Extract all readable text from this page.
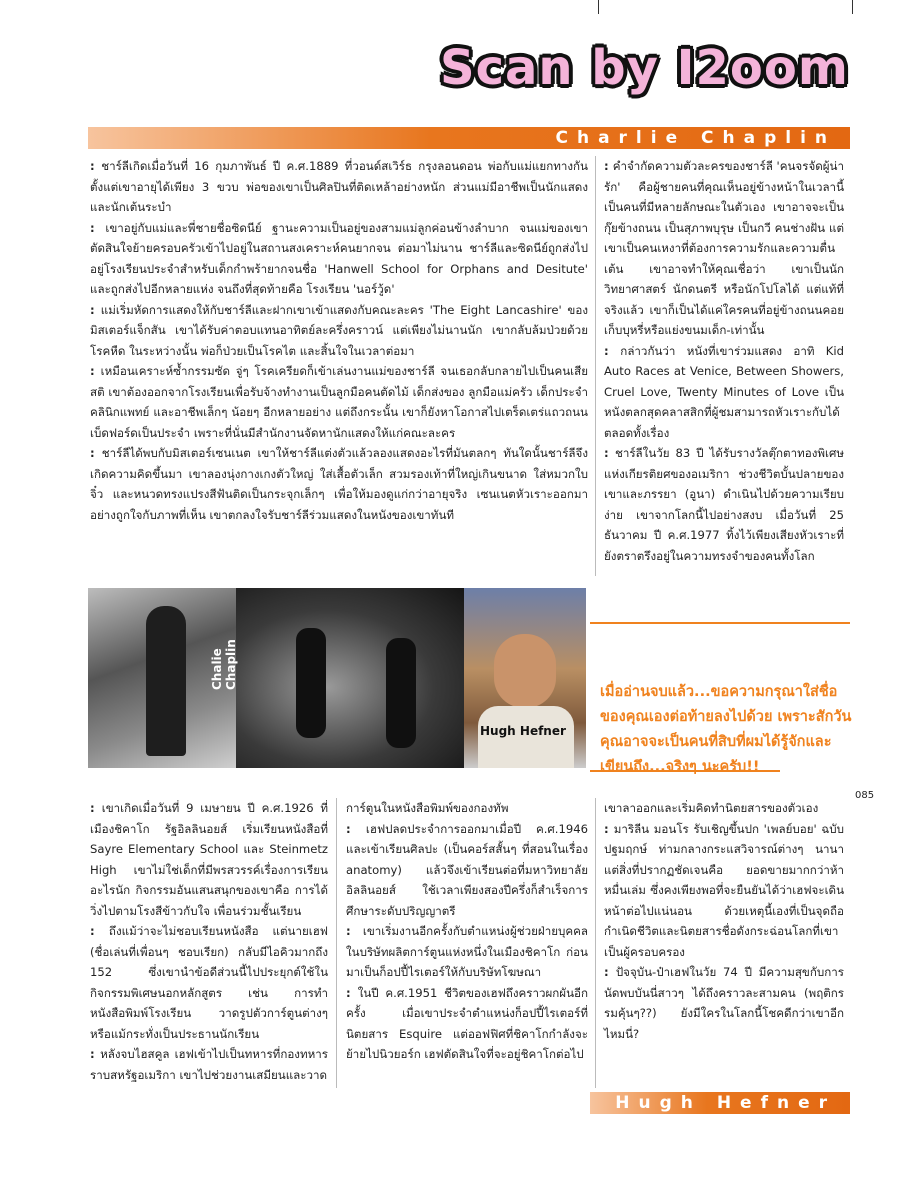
Scan by I2oom
Charlie Chaplin

: ชาร์ลีเกิดเมื่อวันที่ 16 กุมภาพันธ์ ปี ค.ศ.1889 ที่วอนด์สเวิร์ธ กรุงลอนดอน พ่อกับแม่แยกทางกันตั้งแต่เขาอายุได้เพียง 3 ขวบ พ่อของเขาเป็นศิลปินที่ติดเหล้าอย่างหนัก ส่วนแม่มีอาชีพเป็นนักแสดงและนักเต้นระบำ

: เขาอยู่กับแม่และพี่ชายชื่อซิดนีย์ ฐานะความเป็นอยู่ของสามแม่ลูกค่อนข้างลำบาก จนแม่ของเขาตัดสินใจย้ายครอบครัวเข้าไปอยู่ในสถานสงเคราะห์คนยากจน ต่อมาไม่นาน ชาร์ลีและซิดนีย์ถูกส่งไปอยู่โรงเรียนประจำสำหรับเด็กกำพร้ายากจนชื่อ 'Hanwell School for Orphans and Desitute' และถูกส่งไปอีกหลายแห่ง จนถึงที่สุดท้ายคือ โรงเรียน 'นอร์วู้ด'

: แม่เริ่มหัดการแสดงให้กับชาร์ลีและฝากเขาเข้าแสดงกับคณะละคร 'The Eight Lancashire' ของมิสเตอร์แจ็กสัน เขาได้รับค่าตอบแทนอาทิตย์ละครึ่งคราวน์ แต่เพียงไม่นานนัก เขากลับล้มป่วยด้วยโรคหืด ในระหว่างนั้น พ่อก็ป่วยเป็นโรคไต และสิ้นใจในเวลาต่อมา

: เหมือนเคราะห์ซ้ำกรรมซัด จู่ๆ โรคเครียดก็เข้าเล่นงานแม่ของชาร์ลี จนเธอกลับกลายไปเป็นคนเสียสติ เขาต้องออกจากโรงเรียนเพื่อรับจ้างทำงานเป็นลูกมือคนตัดไม้ เด็กส่งของ ลูกมือแม่ครัว เด็กประจำคลินิกแพทย์ และอาชีพเล็กๆ น้อยๆ อีกหลายอย่าง แต่ถึงกระนั้น เขาก็ยังหาโอกาสไปเตร็ดเตร่แถวถนนเบ็ดฟอร์ดเป็นประจำ เพราะที่นั่นมีสำนักงานจัดหานักแสดงให้แก่คณะละคร

: ชาร์ลีได้พบกับมิสเตอร์เซนเนต เขาให้ชาร์ลีแต่งตัวแล้วลองแสดงอะไรที่มันตลกๆ ทันใดนั้นชาร์ลีจึงเกิดความคิดขึ้นมา เขาลองนุ่งกางเกงตัวใหญ่ ใส่เสื้อตัวเล็ก สวมรองเท้าที่ใหญ่เกินขนาด ใส่หมวกใบจิ๋ว และหนวดทรงแปรงสีฟันติดเป็นกระจุกเล็กๆ เพื่อให้มองดูแก่กว่าอายุจริง เซนเนตหัวเราะออกมาอย่างถูกใจกับภาพที่เห็น เขาตกลงใจรับชาร์ลีร่วมแสดงในหนังของเขาทันที

: คำจำกัดความตัวละครของชาร์ลี 'คนจรจัดผู้น่ารัก' คือผู้ชายคนที่คุณเห็นอยู่ข้างหน้าในเวลานี้ เป็นคนที่มีหลายลักษณะในตัวเอง เขาอาจจะเป็นกุ๊ยข้างถนน เป็นสุภาพบุรุษ เป็นกวี คนช่างฝัน แต่เขาเป็นคนเหงาที่ต้องการความรักและความตื่นเต้น เขาอาจทำให้คุณเชื่อว่า เขาเป็นนักวิทยาศาสตร์ นักดนตรี หรือนักโปโลได้ แต่แท้ที่จริงแล้ว เขาก็เป็นได้แค่ใครคนที่อยู่ข้างถนนคอยเก็บบุหรี่หรือแย่งขนมเด็ก-เท่านั้น

: กล่าวกันว่า หนังที่เขาร่วมแสดง อาทิ Kid Auto Races at Venice, Between Showers, Cruel Love, Twenty Minutes of Love เป็นหนังตลกสุดคลาสสิกที่ผู้ชมสามารถหัวเราะกับได้ตลอดทั้งเรื่อง

: ชาร์ลีในวัย 83 ปี ได้รับรางวัลตุ๊กตาทองพิเศษแห่งเกียรติยศของอเมริกา ช่วงชีวิตบั้นปลายของเขาและภรรยา (อูนา) ดำเนินไปด้วยความเรียบง่าย เขาจากโลกนี้ไปอย่างสงบ เมื่อวันที่ 25 ธันวาคม ปี ค.ศ.1977 ทิ้งไว้เพียงเสียงหัวเราะที่ยังตราตรึงอยู่ในความทรงจำของคนทั้งโลก

Chalie Chaplin
Hugh Hefner
เมื่ออ่านจบแล้ว...ขอความกรุณาใส่ชื่อของคุณเองต่อท้ายลงไปด้วย เพราะสักวันคุณอาจจะเป็นคนที่สิบที่ผมได้รู้จักและเขียนถึง...จริงๆ นะครับ!!
085

: เขาเกิดเมื่อวันที่ 9 เมษายน ปี ค.ศ.1926 ที่เมืองชิคาโก รัฐอิลลินอยส์ เริ่มเรียนหนังสือที่ Sayre Elementary School และ Steinmetz High เขาไม่ใช่เด็กที่มีพรสวรรค์เรื่องการเรียนอะไรนัก กิจกรรมอันแสนสนุกของเขาคือ การได้วิ่งไปตามโรงสีข้าวกับใจ เพื่อนร่วมชั้นเรียน

: ถึงแม้ว่าจะไม่ชอบเรียนหนังสือ แต่นายเฮฟ (ชื่อเล่นที่เพื่อนๆ ชอบเรียก) กลับมีไอคิวมากถึง 152 ซึ่งเขานำข้อดีส่วนนี้ไปประยุกต์ใช้ในกิจกรรมพิเศษนอกหลักสูตร เช่น การทำหนังสือพิมพ์โรงเรียน วาดรูปตัวการ์ตูนต่างๆ หรือแม้กระทั่งเป็นประธานนักเรียน

: หลังจบไฮสคูล เฮฟเข้าไปเป็นทหารที่กองทหารราบสหรัฐอเมริกา เขาไปช่วยงานเสมียนและวาด

การ์ตูนในหนังสือพิมพ์ของกองทัพ

: เฮฟปลดประจำการออกมาเมื่อปี ค.ศ.1946 และเข้าเรียนศิลปะ (เป็นคอร์สสั้นๆ ที่สอนในเรื่อง anatomy) แล้วจึงเข้าเรียนต่อที่มหาวิทยาลัยอิลลินอยส์ ใช้เวลาเพียงสองปีครึ่งก็สำเร็จการศึกษาระดับปริญญาตรี

: เขาเริ่มงานอีกครั้งกับตำแหน่งผู้ช่วยฝ่ายบุคคลในบริษัทผลิตการ์ตูนแห่งหนึ่งในเมืองชิคาโก ก่อนมาเป็นก็อปปี้ไรเตอร์ให้กับบริษัทโฆษณา

: ในปี ค.ศ.1951 ชีวิตของเฮฟถึงคราวผกผันอีกครั้ง เมื่อเขาประจำตำแหน่งก็อปปี้ไรเตอร์ที่นิตยสาร Esquire แต่ออฟฟิศที่ชิคาโกกำลังจะย้ายไปนิวยอร์ก เฮฟตัดสินใจที่จะอยู่ชิคาโกต่อไป

เขาลาออกและเริ่มคิดทำนิตยสารของตัวเอง

: มาริลีน มอนโร รับเชิญขึ้นปก 'เพลย์บอย' ฉบับปฐมฤกษ์ ท่ามกลางกระแสวิจารณ์ต่างๆ นานา แต่สิ่งที่ปรากฏชัดเจนคือ ยอดขายมากกว่าห้าหมื่นเล่ม ซึ่งคงเพียงพอที่จะยืนยันได้ว่าเฮฟจะเดินหน้าต่อไปแน่นอน ด้วยเหตุนี้เองที่เป็นจุดถือกำเนิดชีวิตและนิตยสารชื่อดังกระฉ่อนโลกที่เขาเป็นผู้ครอบครอง

: ปัจจุบัน-ป๋าเฮฟในวัย 74 ปี มีความสุขกับการนัดพบบันนี่สาวๆ ได้ถึงคราวละสามคน (พฤติกรรมคุ้นๆ??) ยังมีใครในโลกนี้โชคดีกว่าเขาอีกไหมนี่?

Hugh Hefner
